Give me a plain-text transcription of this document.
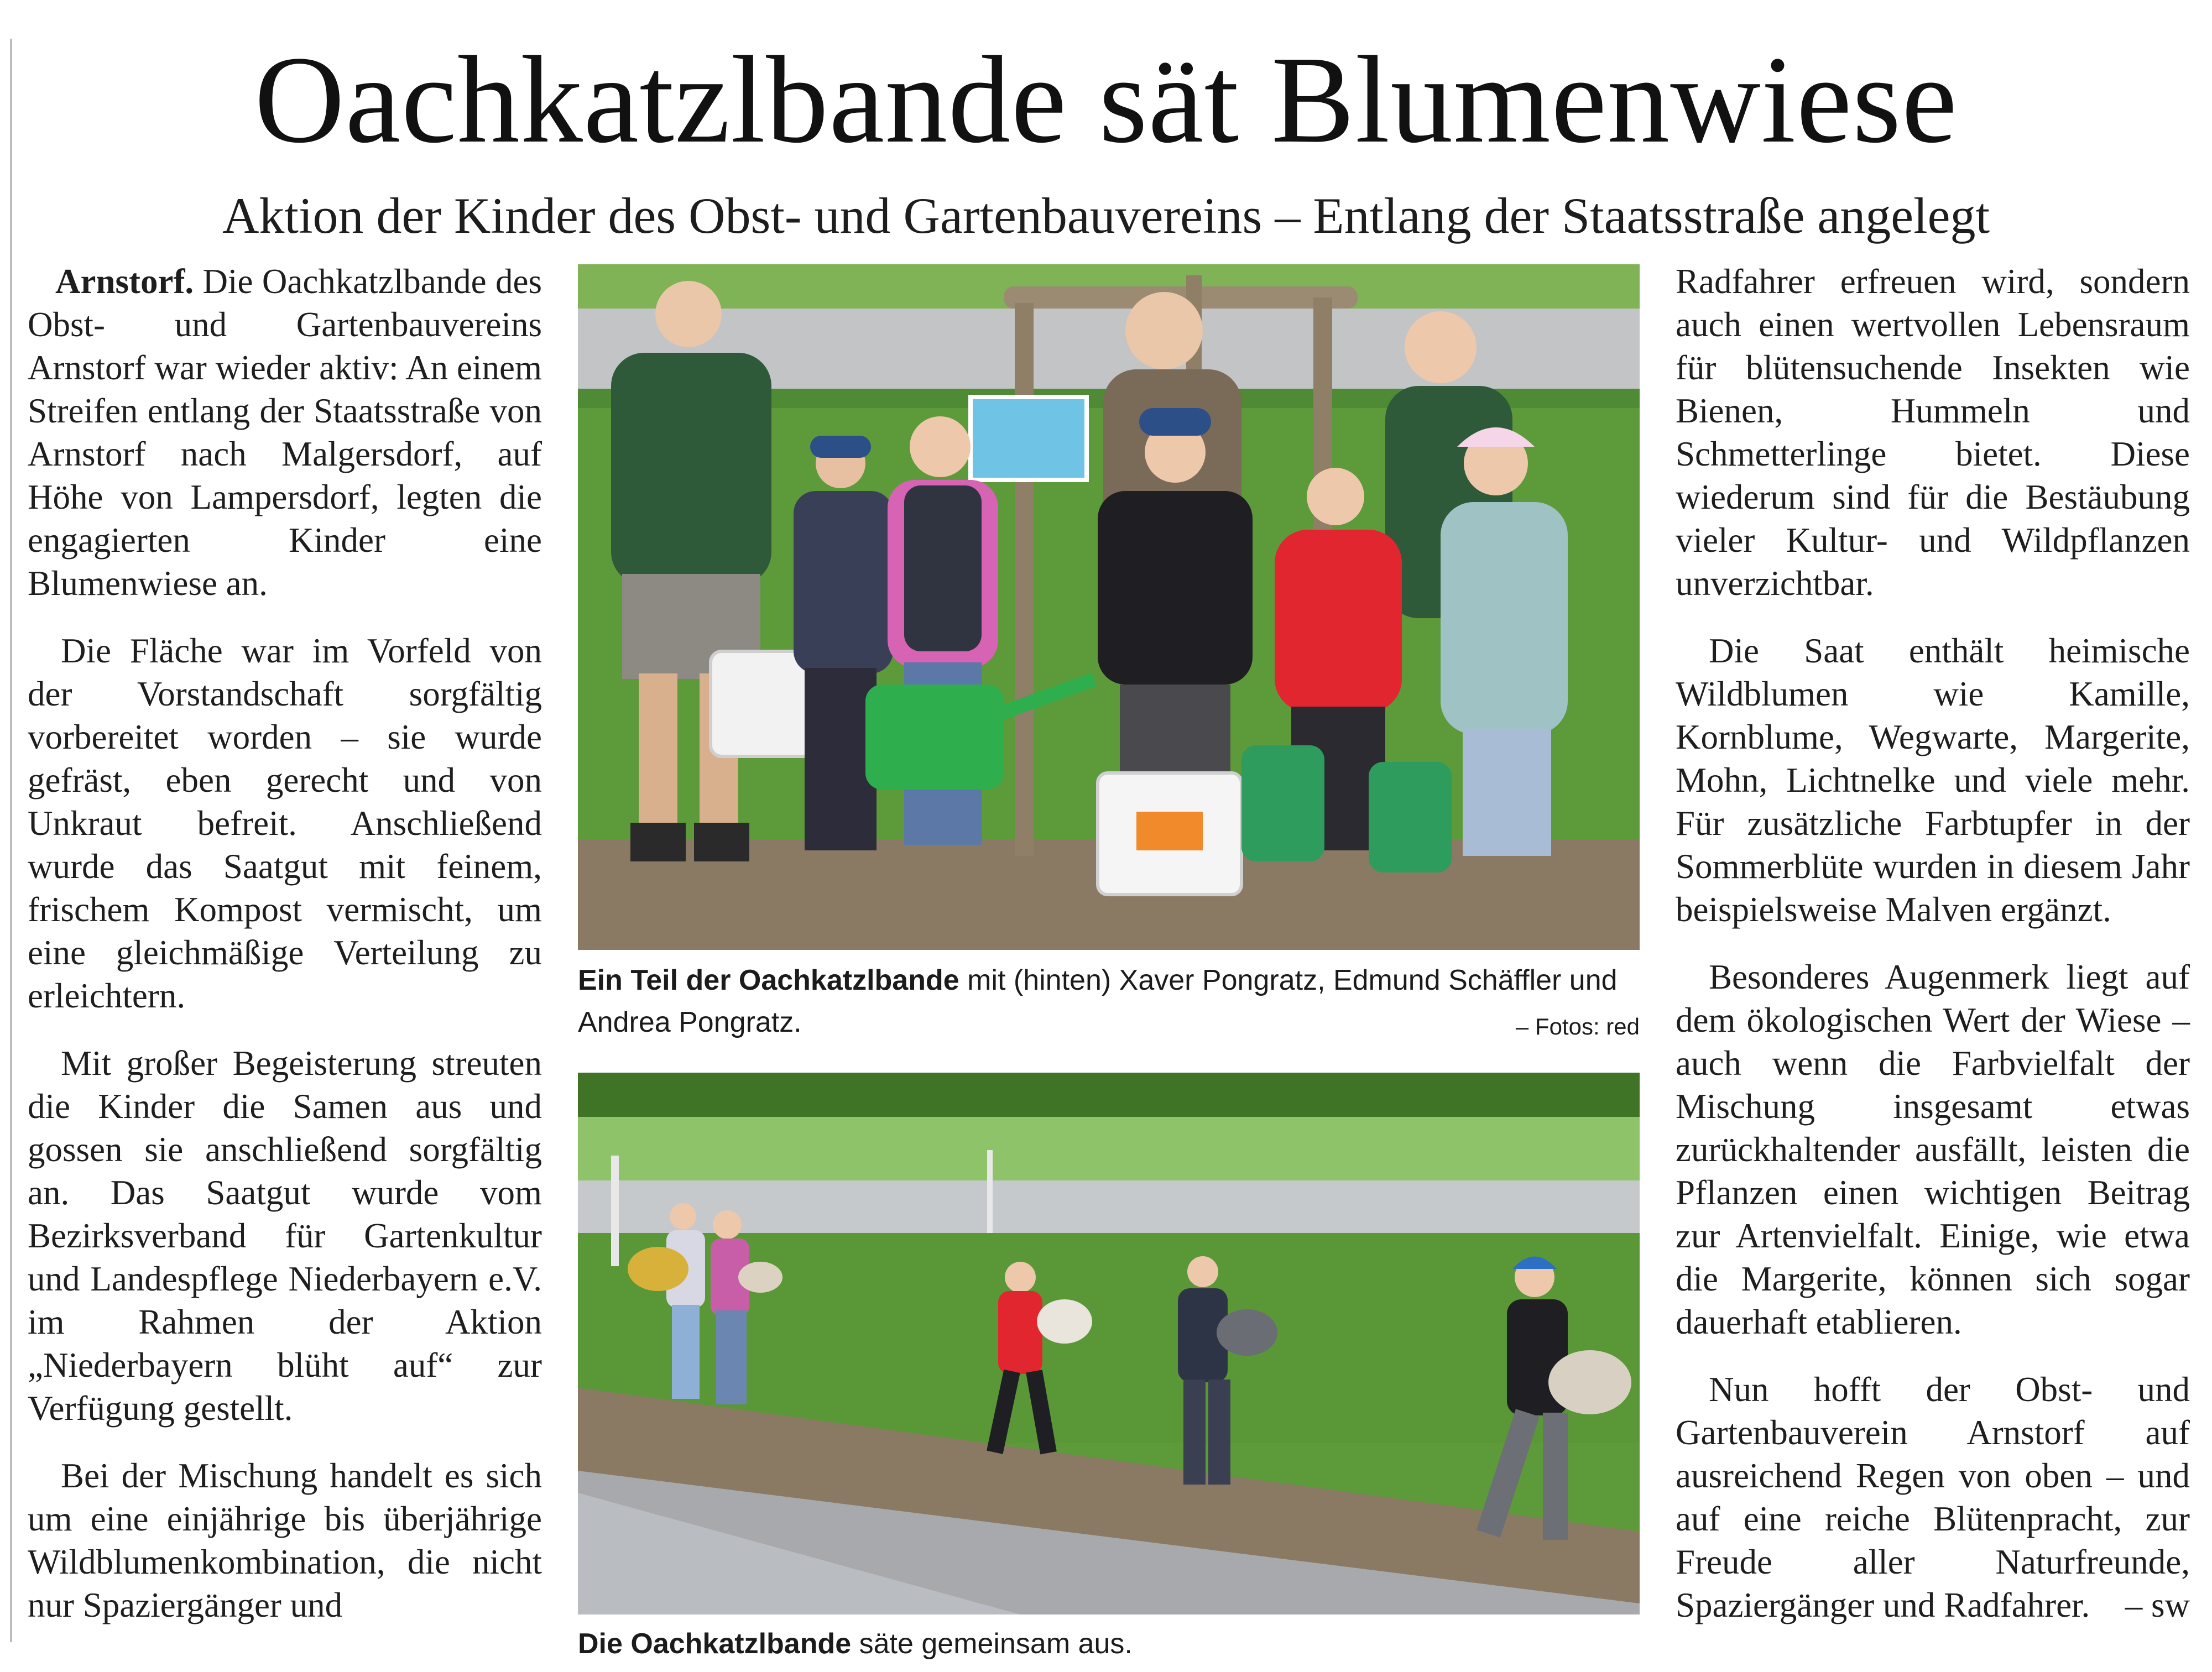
Oachkatzlbande sät Blumenwiese
Aktion der Kinder des Obst- und Gartenbauvereins – Entlang der Staatsstraße angelegt

Arnstorf. Die Oachkatzlbande des Obst- und Gartenbauvereins Arnstorf war wieder aktiv: An einem Streifen entlang der Staatsstraße von Arnstorf nach Malgersdorf, auf Höhe von Lampersdorf, legten die engagierten Kinder eine Blumenwiese an.

Die Fläche war im Vorfeld von der Vorstandschaft sorgfältig vorbereitet worden – sie wurde gefräst, eben gerecht und von Unkraut befreit. Anschließend wurde das Saatgut mit feinem, frischem Kompost vermischt, um eine gleichmäßige Verteilung zu erleichtern.

Mit großer Begeisterung streuten die Kinder die Samen aus und gossen sie anschließend sorgfältig an. Das Saatgut wurde vom Bezirksverband für Gartenkultur und Landespflege Niederbayern e.V. im Rahmen der Aktion „Niederbayern blüht auf“ zur Verfügung gestellt.

Bei der Mischung handelt es sich um eine einjährige bis überjährige Wildblumenkombination, die nicht nur Spaziergänger und

Radfahrer erfreuen wird, sondern auch einen wertvollen Lebensraum für blütensuchende Insekten wie Bienen, Hummeln und Schmetterlinge bietet. Diese wiederum sind für die Bestäubung vieler Kultur- und Wildpflanzen unverzichtbar.

Die Saat enthält heimische Wildblumen wie Kamille, Kornblume, Wegwarte, Margerite, Mohn, Lichtnelke und viele mehr. Für zusätzliche Farbtupfer in der Sommerblüte wurden in diesem Jahr beispielsweise Malven ergänzt.

Besonderes Augenmerk liegt auf dem ökologischen Wert der Wiese – auch wenn die Farbvielfalt der Mischung insgesamt etwas zurückhaltender ausfällt, leisten die Pflanzen einen wichtigen Beitrag zur Artenvielfalt. Einige, wie etwa die Margerite, können sich sogar dauerhaft etablieren.

Nun hofft der Obst- und Gartenbauverein Arnstorf auf ausreichend Regen von oben – und auf eine reiche Blütenpracht, zur Freude aller Naturfreunde, Spaziergänger und Radfahrer.	– sw

Ein Teil der Oachkatzlbande mit (hinten) Xaver Pongratz, Edmund Schäffler und Andrea Pongratz.	– Fotos: red
Die Oachkatzlbande säte gemeinsam aus.
